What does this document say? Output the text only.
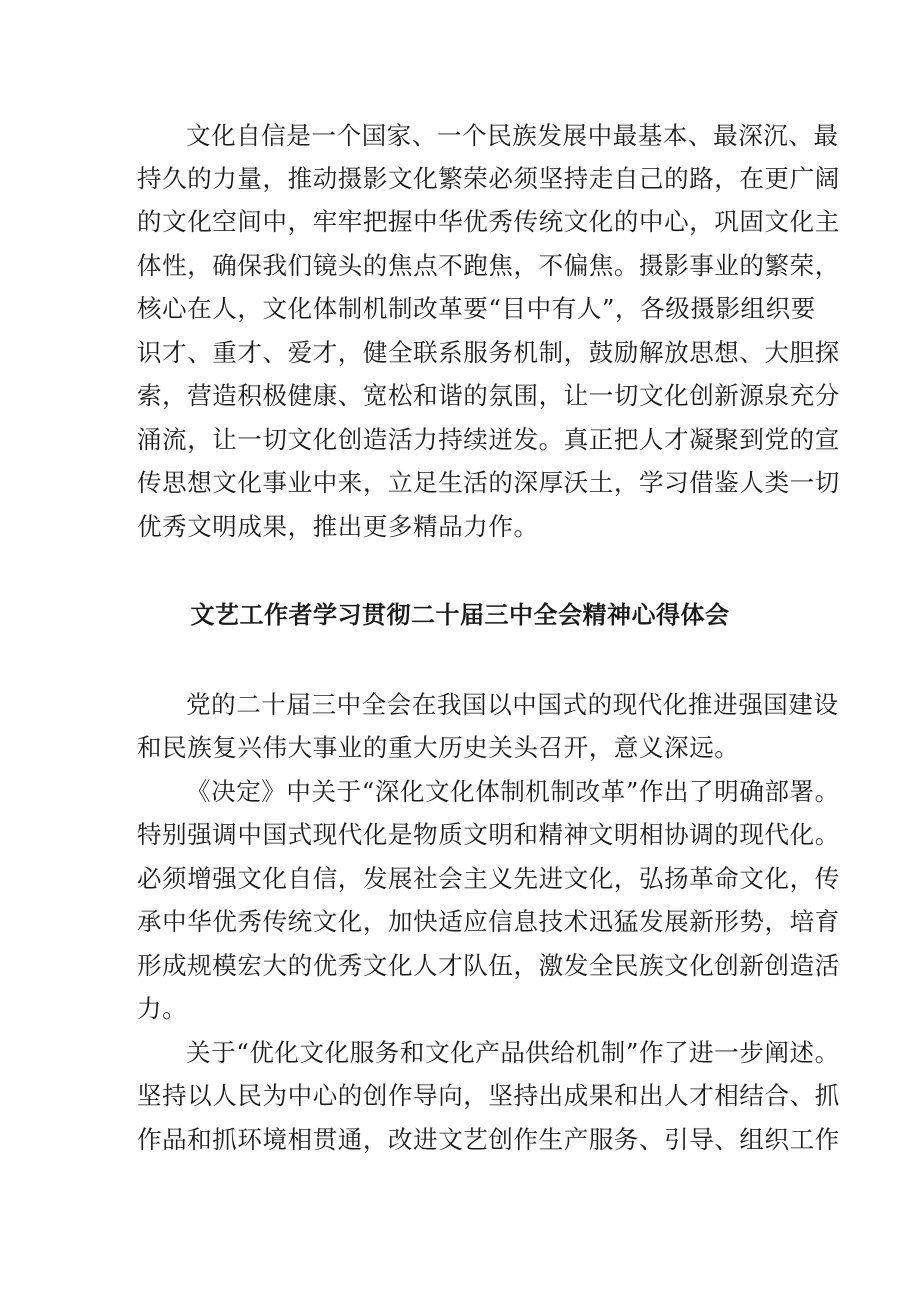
文化自信是一个国家、一个民族发展中最基本、最深沉、最
持久的力量，推动摄影文化繁荣必须坚持走自己的路，在更广阔
的文化空间中，牢牢把握中华优秀传统文化的中心，巩固文化主
体性，确保我们镜头的焦点不跑焦，不偏焦。摄影事业的繁荣，
核心在人，文化体制机制改革要“目中有人”，各级摄影组织要
识才、重才、爱才，健全联系服务机制，鼓励解放思想、大胆探
索，营造积极健康、宽松和谐的氛围，让一切文化创新源泉充分
涌流，让一切文化创造活力持续迸发。真正把人才凝聚到党的宣
传思想文化事业中来，立足生活的深厚沃土，学习借鉴人类一切
优秀文明成果，推出更多精品力作。
文艺工作者学习贯彻二十届三中全会精神心得体会
党的二十届三中全会在我国以中国式的现代化推进强国建设
和民族复兴伟大事业的重大历史关头召开，意义深远。
《决定》中关于“深化文化体制机制改革”作出了明确部署。
特别强调中国式现代化是物质文明和精神文明相协调的现代化。
必须增强文化自信，发展社会主义先进文化，弘扬革命文化，传
承中华优秀传统文化，加快适应信息技术迅猛发展新形势，培育
形成规模宏大的优秀文化人才队伍，激发全民族文化创新创造活
力。
关于“优化文化服务和文化产品供给机制”作了进一步阐述。
坚持以人民为中心的创作导向，坚持出成果和出人才相结合、抓
作品和抓环境相贯通，改进文艺创作生产服务、引导、组织工作
